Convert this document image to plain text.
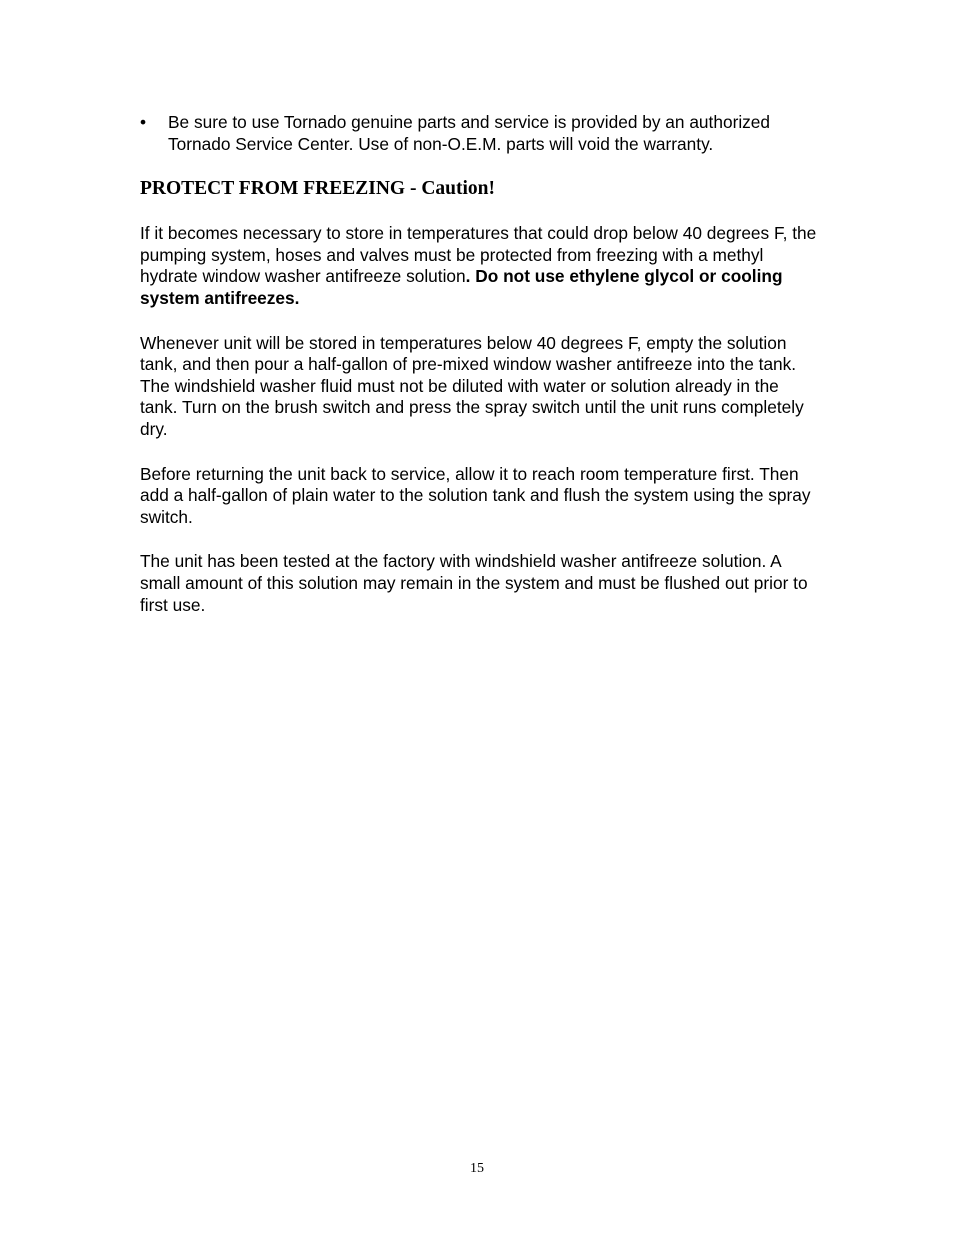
•	Be sure to use Tornado genuine parts and service is provided by an authorized Tornado Service Center. Use of non-O.E.M. parts will void the warranty.

PROTECT FROM FREEZING - Caution!

If it becomes necessary to store in temperatures that could drop below 40 degrees F, the pumping system, hoses and valves must be protected from freezing with a methyl hydrate window washer antifreeze solution. Do not use ethylene glycol or cooling system antifreezes.

Whenever unit will be stored in temperatures below 40 degrees F, empty the solution tank, and then pour a half-gallon of pre-mixed window washer antifreeze into the tank. The windshield washer fluid must not be diluted with water or solution already in the tank. Turn on the brush switch and press the spray switch until the unit runs completely dry.

Before returning the unit back to service, allow it to reach room temperature first. Then add a half-gallon of plain water to the solution tank and flush the system using the spray switch.

The unit has been tested at the factory with windshield washer antifreeze solution. A small amount of this solution may remain in the system and must be flushed out prior to first use.

15
